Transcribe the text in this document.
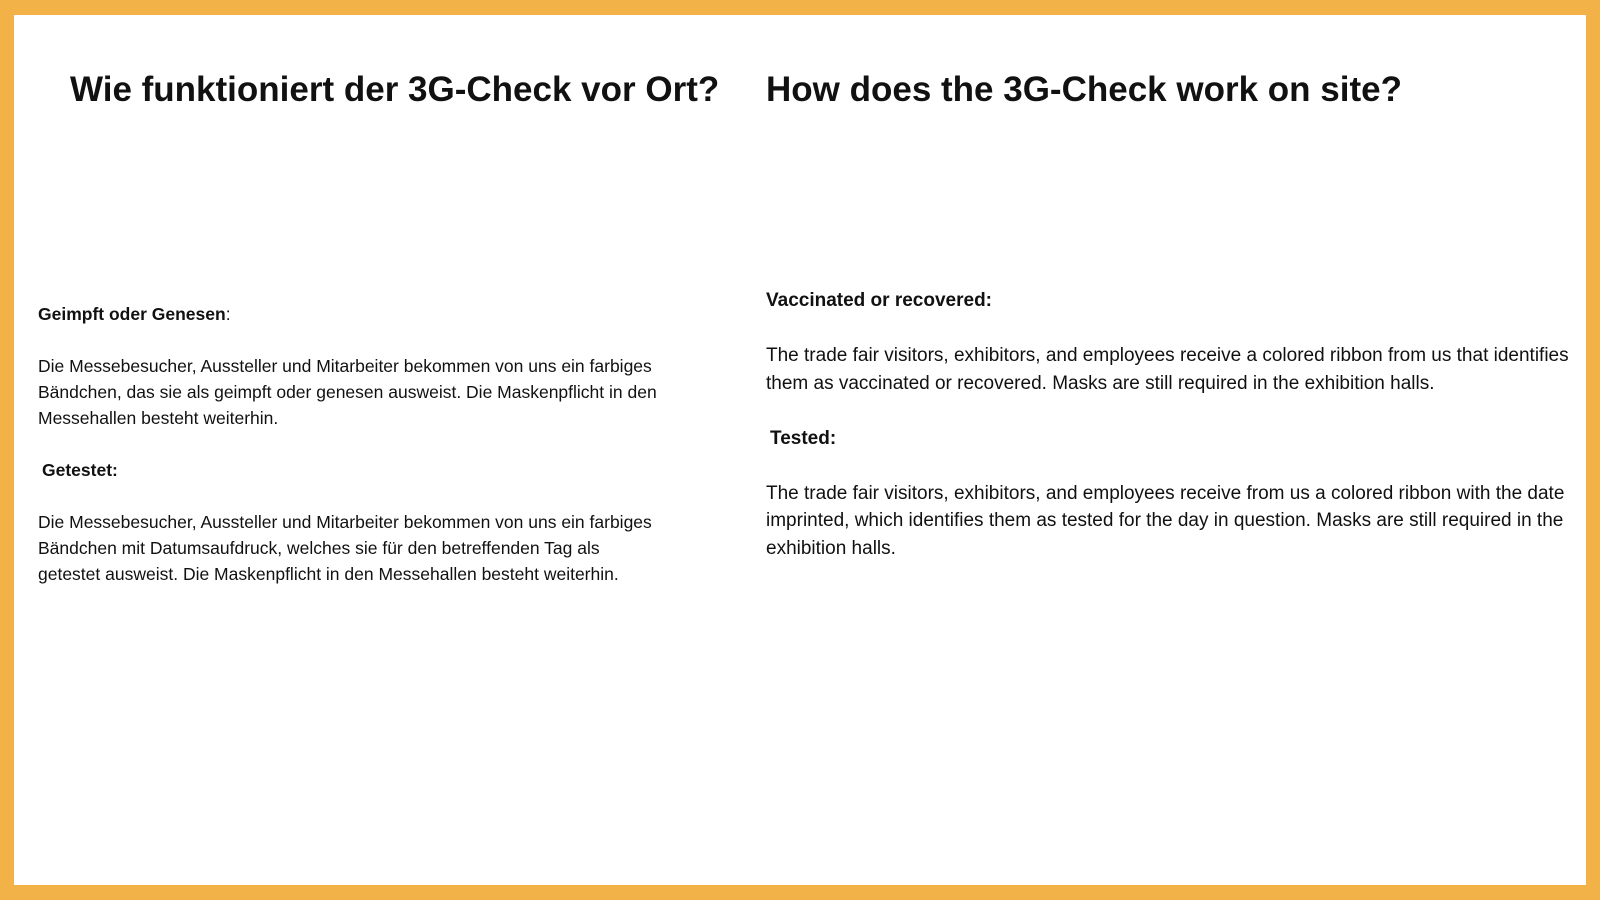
Wie funktioniert der 3G-Check vor Ort? How does the 3G-Check work on site?

Geimpft oder Genesen:

Die Messebesucher, Aussteller und Mitarbeiter bekommen von uns ein farbiges Bändchen, das sie als geimpft oder genesen ausweist. Die Maskenpflicht in den Messehallen besteht weiterhin.

Getestet:

Die Messebesucher, Aussteller und Mitarbeiter bekommen von uns ein farbiges Bändchen mit Datumsaufdruck, welches sie für den betreffenden Tag als getestet ausweist. Die Maskenpflicht in den Messehallen besteht weiterhin.

Vaccinated or recovered:

The trade fair visitors, exhibitors, and employees receive a colored ribbon from us that identifies them as vaccinated or recovered. Masks are still required in the exhibition halls.

Tested:

The trade fair visitors, exhibitors, and employees receive from us a colored ribbon with the date imprinted, which identifies them as tested for the day in question. Masks are still required in the exhibition halls.
